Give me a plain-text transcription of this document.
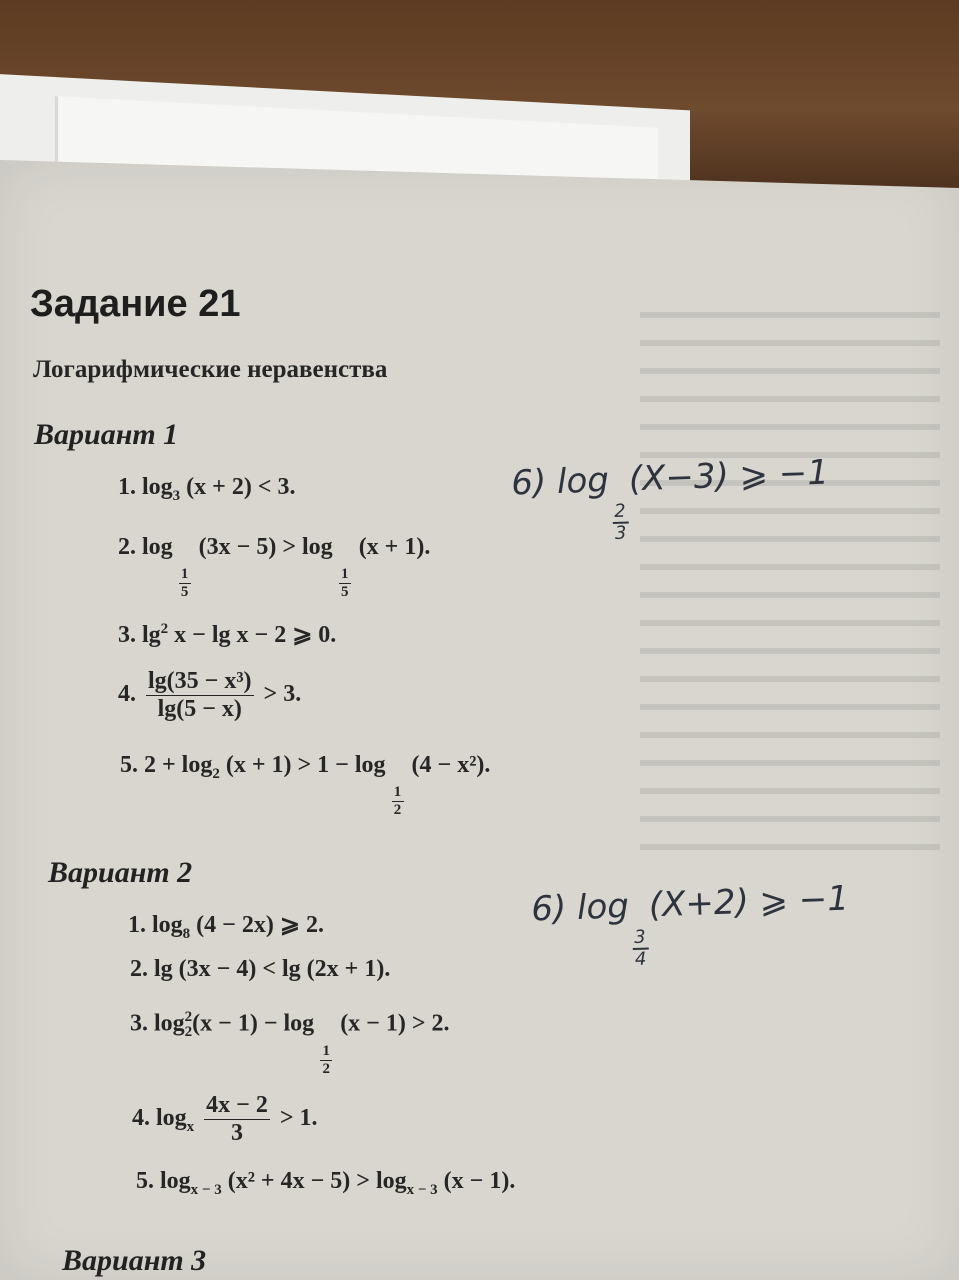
Задание 21
Логарифмические неравенства
Вариант 1
1. $\log_3 (x + 2) < 3$.
2. log
$\frac{1}{5}$
(3x − 5) > log
$\frac{1}{5}$
(x + 1).
3. $\lg^2 x - \lg x - 2$ ⩾ 0.
4. $\frac{\text{lg(35 − x³)}}{\lg(5 - x)} > 3$.
5. $2 + \log_2 (x + 1) > 1 - \log$
$\frac{1}{2}$
(4 − x²).
6) log
$\frac{2}{3}$
(X−3) ⩾ −1
Вариант 2
1. $\log_8 (4 - 2x)$ ⩾ 2.
2. lg (3x − 4) < lg (2x + 1).
3. log 2
2 (x − 1) − log
$\frac{1}{2}$
(x − 1) > 2.
4. $\log_x \frac{4x - 2}{3} > 1$.
5. $\log_{x - 3} (x^2 + 4x - 5) > \log_{x - 3} (x - 1)$.
6) log
$\frac{3}{4}$
(X+2) ⩾ −1
Вариант 3
